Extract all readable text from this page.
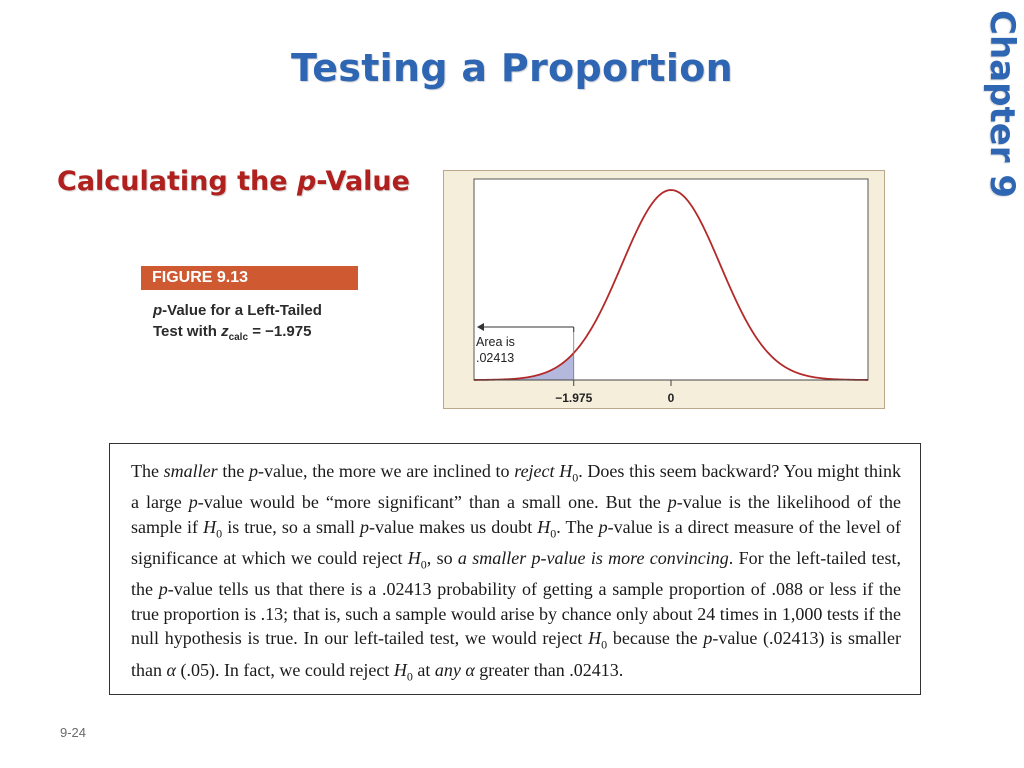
Testing a Proportion	Chapter 9
Calculating the p-Value
FIGURE 9.13
p-Value for a Left-Tailed
Test with $z_{calc} = -1.975$
−1.975	0
Area is
.02413

The smaller the p-value, the more we are inclined to reject $H_0$. Does this seem backward? You might think a large p-value would be “more significant” than a small one. But the p-value is the likelihood of the sample if $H_0$ is true, so a small p-value makes us doubt $H_0$. The p-value is a direct measure of the level of significance at which we could reject $H_0$, so a smaller p-value is more convincing. For the left-tailed test, the p-value tells us that there is a .02413 probability of getting a sample proportion of .088 or less if the true proportion is .13; that is, such a sample would arise by chance only about 24 times in 1,000 tests if the null hypothesis is true. In our left-tailed test, we would reject $H_0$ because the p-value (.02413) is smaller than α (.05). In fact, we could reject $H_0$ at any α greater than .02413.

9-24
